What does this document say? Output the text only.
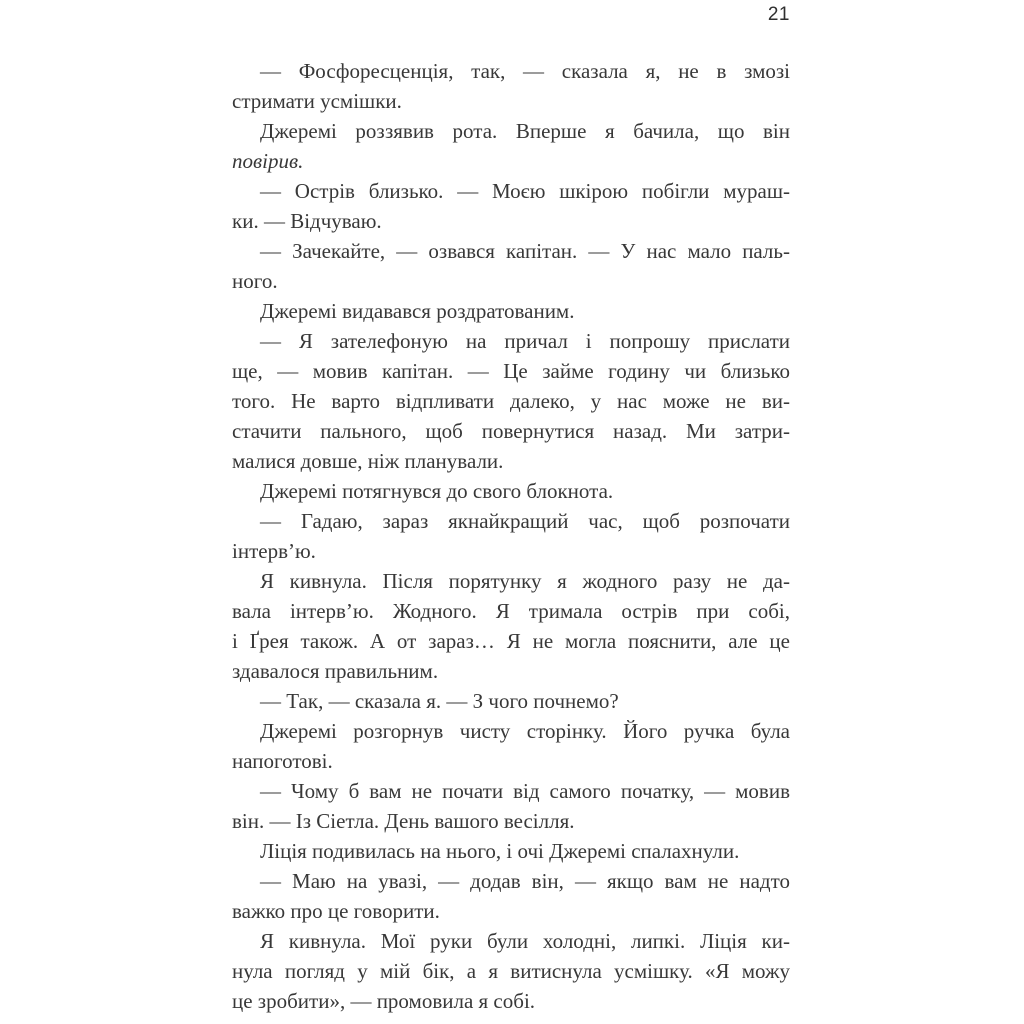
21
— Фосфоресценція, так, — сказала я, не в змозі
стримати усмішки.
Джеремі роззявив рота. Вперше я бачила, що він
повірив.
— Острів близько. — Моєю шкірою побігли мураш-
ки. — Відчуваю.
— Зачекайте, — озвався капітан. — У нас мало паль-
ного.
Джеремі видавався роздратованим.
— Я зателефоную на причал і попрошу прислати
ще, — мовив капітан. — Це займе годину чи близько
того. Не варто відпливати далеко, у нас може не ви-
стачити пального, щоб повернутися назад. Ми затри-
малися довше, ніж планували.
Джеремі потягнувся до свого блокнота.
— Гадаю, зараз якнайкращий час, щоб розпочати
інтерв’ю.
Я кивнула. Після порятунку я жодного разу не да-
вала інтерв’ю. Жодного. Я тримала острів при собі,
і Ґрея також. А от зараз… Я не могла пояснити, але це
здавалося правильним.
— Так, — сказала я. — З чого почнемо?
Джеремі розгорнув чисту сторінку. Його ручка була
напоготові.
— Чому б вам не почати від самого початку, — мовив
він. — Із Сіетла. День вашого весілля.
Ліція подивилась на нього, і очі Джеремі спалахнули.
— Маю на увазі, — додав він, — якщо вам не надто
важко про це говорити.
Я кивнула. Мої руки були холодні, липкі. Ліція ки-
нула погляд у мій бік, а я витиснула усмішку. «Я можу
це зробити», — промовила я собі.
